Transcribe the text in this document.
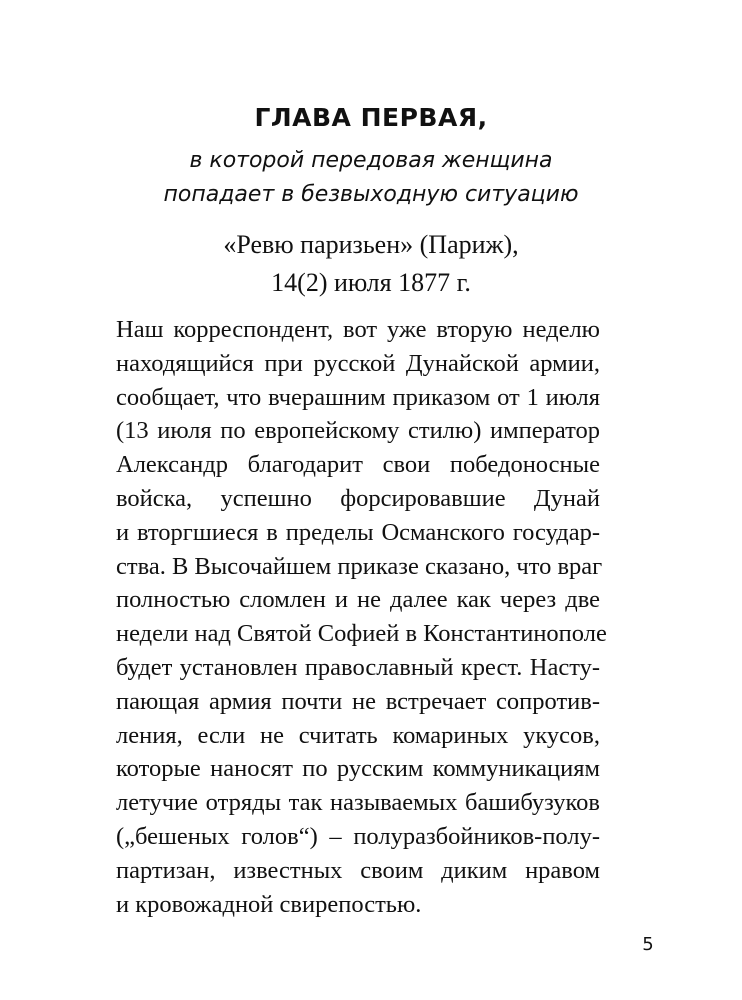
ГЛАВА ПЕРВАЯ,

в которой передовая женщина
попадает в безвыходную ситуацию

«Ревю паризьен» (Париж),
14(2) июля 1877 г.

Наш корреспондент, вот уже вторую неделю
находящийся при русской Дунайской армии,
сообщает, что вчерашним приказом от 1 июля
(13 июля по европейскому стилю) император
Александр благодарит свои победоносные
войска, успешно форсировавшие Дунай
и вторгшиеся в пределы Османского государ-
ства. В Высочайшем приказе сказано, что враг
полностью сломлен и не далее как через две
недели над Святой Софией в Константинополе
будет установлен православный крест. Насту-
пающая армия почти не встречает сопротив-
ления, если не считать комариных укусов,
которые наносят по русским коммуникациям
летучие отряды так называемых башибузуков
(„бешеных голов“) – полуразбойников-полу-
партизан, известных своим диким нравом
и кровожадной свирепостью.

5
